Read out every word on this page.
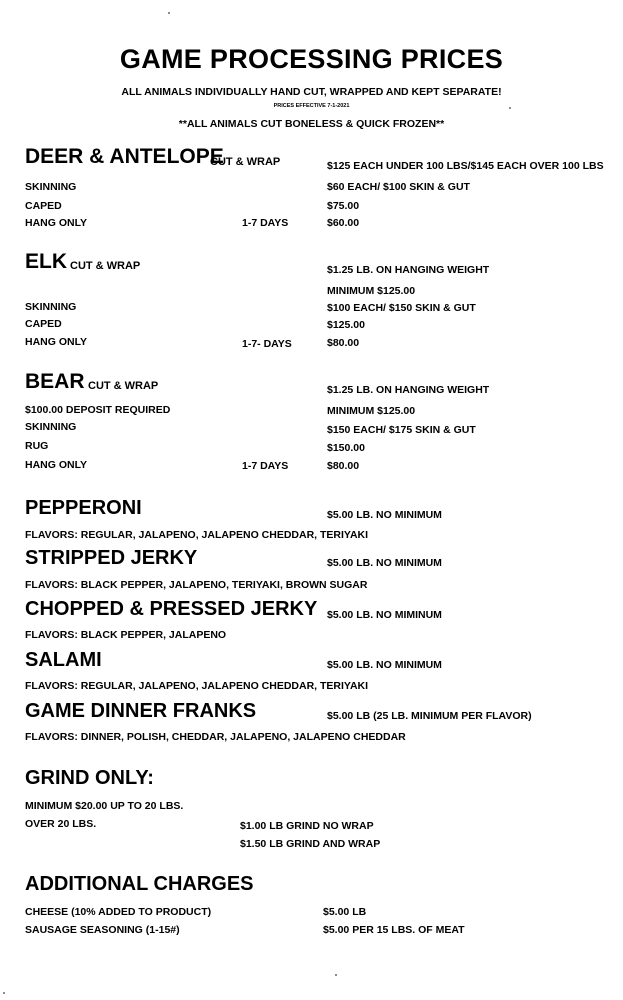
GAME PROCESSING PRICES
ALL ANIMALS INDIVIDUALLY HAND CUT, WRAPPED AND KEPT SEPARATE!
PRICES EFFECTIVE 7-1-2021
**ALL ANIMALS CUT BONELESS & QUICK FROZEN**
DEER & ANTELOPE
CUT & WRAP	$125 EACH UNDER 100 LBS/$145 EACH OVER 100 LBS
SKINNING	$60 EACH/ $100 SKIN & GUT
CAPED	$75.00
HANG ONLY	1-7 DAYS	$60.00
ELK CUT & WRAP	$1.25 LB. ON HANGING WEIGHT
MINIMUM $125.00
SKINNING	$100 EACH/ $150 SKIN & GUT
CAPED	$125.00
HANG ONLY	1-7- DAYS	$80.00
BEAR CUT & WRAP	$1.25 LB. ON HANGING WEIGHT
$100.00 DEPOSIT REQUIRED	MINIMUM $125.00
SKINNING	$150 EACH/ $175 SKIN & GUT
RUG	$150.00
HANG ONLY	1-7 DAYS	$80.00
PEPPERONI	$5.00 LB. NO MINIMUM
FLAVORS: REGULAR, JALAPENO, JALAPENO CHEDDAR, TERIYAKI
STRIPPED JERKY	$5.00 LB. NO MINIMUM
FLAVORS: BLACK PEPPER, JALAPENO, TERIYAKI, BROWN SUGAR
CHOPPED & PRESSED JERKY $5.00 LB. NO MIMINUM
FLAVORS: BLACK PEPPER, JALAPENO
SALAMI	$5.00 LB. NO MINIMUM
FLAVORS: REGULAR, JALAPENO, JALAPENO CHEDDAR, TERIYAKI
GAME DINNER FRANKS	$5.00 LB (25 LB. MINIMUM PER FLAVOR)
FLAVORS: DINNER, POLISH, CHEDDAR, JALAPENO, JALAPENO CHEDDAR
GRIND ONLY:
MINIMUM $20.00 UP TO 20 LBS.
OVER 20 LBS.	$1.00 LB GRIND NO WRAP
$1.50 LB GRIND AND WRAP
ADDITIONAL CHARGES
CHEESE (10% ADDED TO PRODUCT)	$5.00 LB
SAUSAGE SEASONING (1-15#)	$5.00 PER 15 LBS. OF MEAT
